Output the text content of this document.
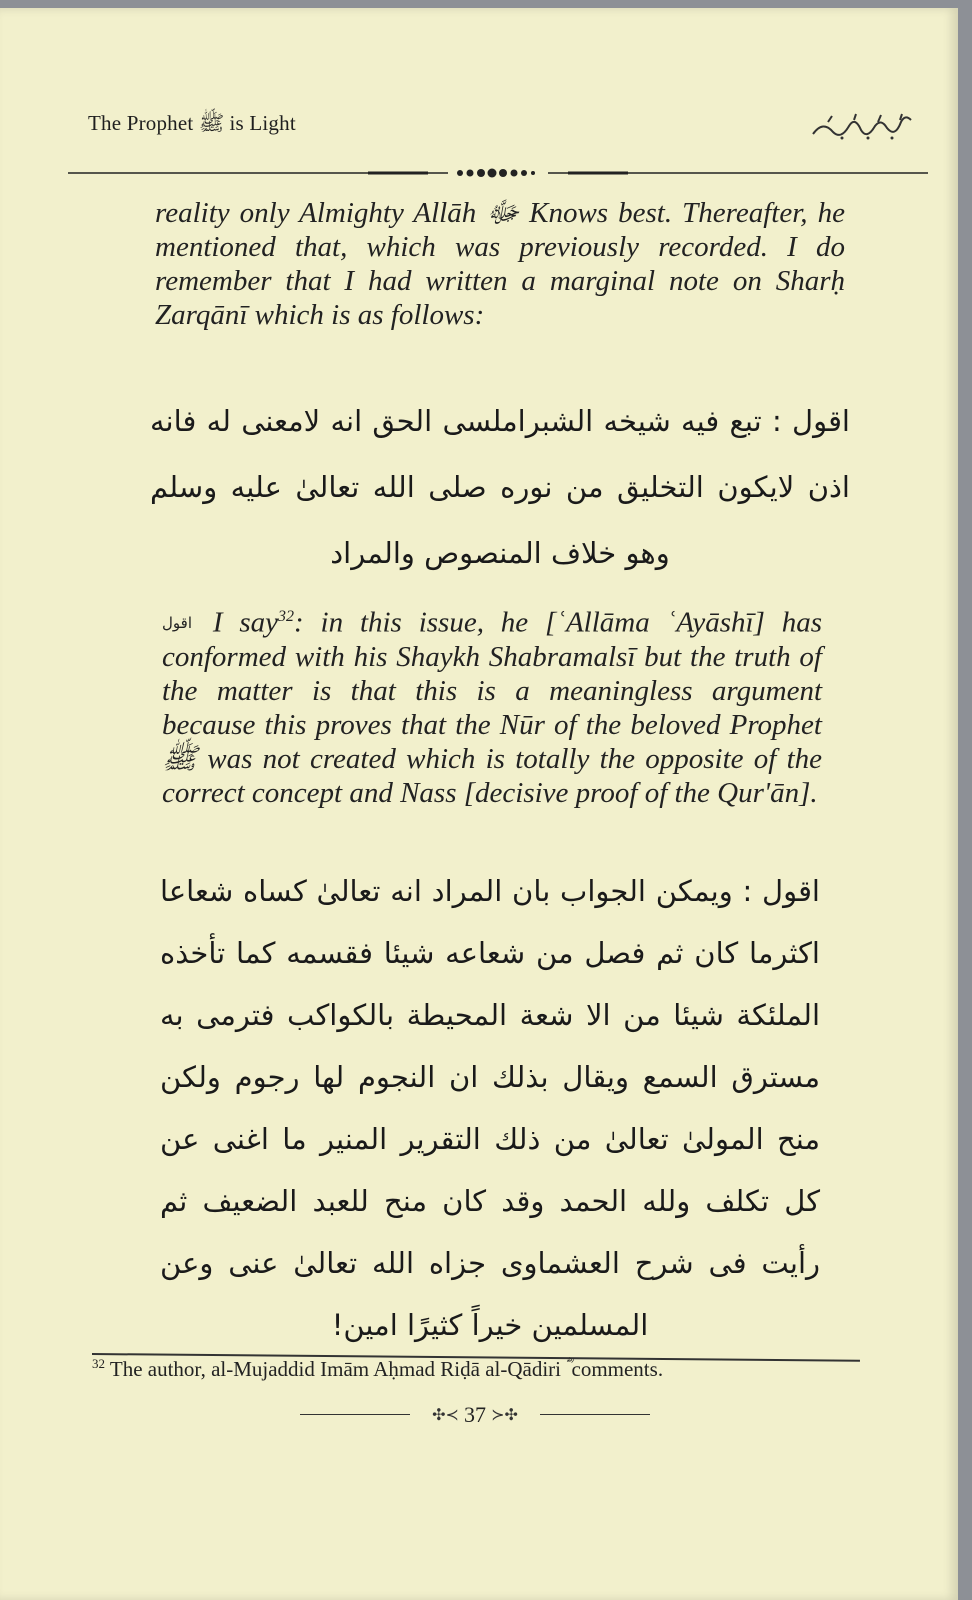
The Prophet ﷺ is Light
reality only Almighty Allāh ﷻ Knows best. Thereafter, he mentioned that, which was previously recorded. I do remember that I had written a marginal note on Sharḥ Zarqānī which is as follows:
اقول : تبع فيه شيخه الشبراملسی الحق انه لامعنی له فانه اذن لایکون التخلیق من نوره صلی الله تعالیٰ علیه وسلم وهو خلاف المنصوص والمراد
اقول I say$^{32}$: in this issue, he [ʿAllāma ʿAyāshī] has conformed with his Shaykh Shabramalsī but the truth of the matter is that this is a meaningless argument because this proves that the Nūr of the beloved Prophet ﷺ was not created which is totally the opposite of the correct concept and Nass [decisive proof of the Qur'ān].
اقول : ویمکن الجواب بان المراد انه تعالیٰ کساه شعاعا اکثرما کان ثم فصل من شعاعه شیئا فقسمه کما تأخذه الملئکة شیئا من الا شعة المحیطة بالکواکب فترمی به مسترق السمع ویقال بذلك ان النجوم لها رجوم ولکن منح المولیٰ تعالیٰ من ذلك التقریر المنیر ما اغنی عن کل تکلف ولله الحمد وقد کان منح للعبد الضعیف ثم رأیت فی شرح العشماوی جزاه الله تعالیٰ عنی وعن المسلمین خیراً کثیرًا امین!
$^{32}$ The author, al-Mujaddid Imām Aḥmad Riḍā al-Qādiri ؓ comments.
✣≺ 37 ≻✣
